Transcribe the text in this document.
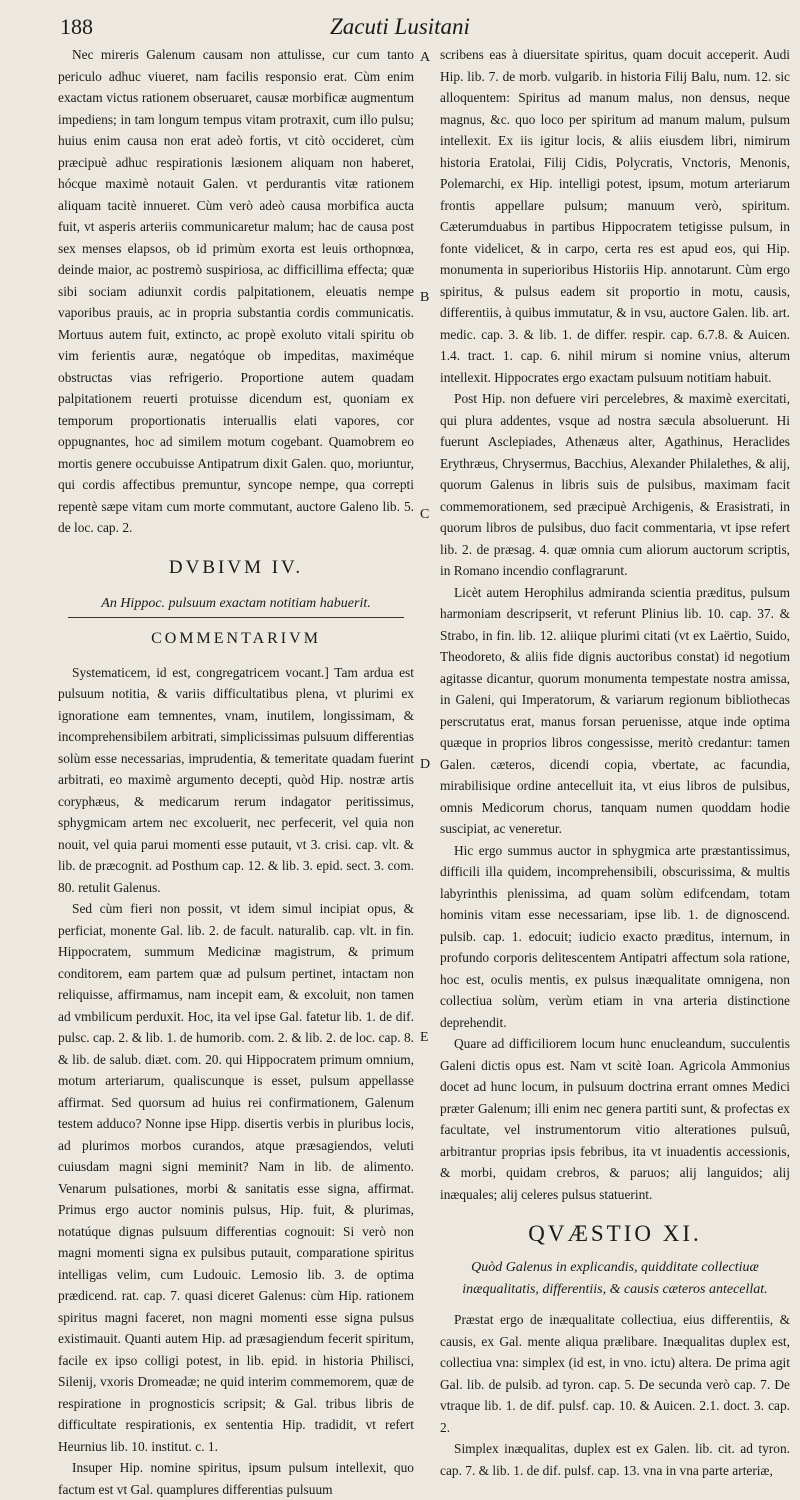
188	Zacuti Lusitani
A
B
C
D
E

Nec mireris Galenum causam non attulisse, cur cum tanto periculo adhuc viueret, nam facilis responsio erat. Cùm enim exactam victus rationem obseruaret, causæ morbificæ augmentum impediens; in tam longum tempus vitam protraxit, cum illo pulsu; huius enim causa non erat adeò fortis, vt citò occideret, cùm præcipuè adhuc respirationis læsionem aliquam non haberet, hócque maximè notauit Galen. vt perdurantis vitæ rationem aliquam tacitè innueret. Cùm verò adeò causa morbifica aucta fuit, vt asperis arteriis communicaretur malum; hac de causa post sex menses elapsos, ob id primùm exorta est leuis orthopnœa, deinde maior, ac postremò suspiriosa, ac difficillima effecta; quæ sibi sociam adiunxit cordis palpitationem, eleuatis nempe vaporibus prauis, ac in propria substantia cordis communicatis. Mortuus autem fuit, extincto, ac propè exoluto vitali spiritu ob vim ferientis auræ, negatóque ob impeditas, maximéque obstructas vias refrigerio. Proportione autem quadam palpitationem reuerti protuisse dicendum est, quoniam ex temporum proportionatis interuallis elati vapores, cor oppugnantes, hoc ad similem motum cogebant. Quamobrem eo mortis genere occubuisse Antipatrum dixit Galen. quo, moriuntur, qui cordis affectibus premuntur, syncope nempe, qua correpti repentè sæpe vitam cum morte commutant, auctore Galeno lib. 5. de loc. cap. 2.

DVBIVM IV.
An Hippoc. pulsuum exactam notitiam habuerit.
COMMENTARIVM

Systematicem, id est, congregatricem vocant.] Tam ardua est pulsuum notitia, & variis difficultatibus plena, vt plurimi ex ignoratione eam temnentes, vnam, inutilem, longissimam, & incomprehensibilem arbitrati, simplicissimas pulsuum differentias solùm esse necessarias, imprudentia, & temeritate quadam fuerint arbitrati, eo maximè argumento decepti, quòd Hip. nostræ artis coryphæus, & medicarum rerum indagator peritissimus, sphygmicam artem nec excoluerit, nec perfecerit, vel quia non nouit, vel quia parui momenti esse putauit, vt 3. crisi. cap. vlt. & lib. de præcognit. ad Posthum cap. 12. & lib. 3. epid. sect. 3. com. 80. retulit Galenus.

Sed cùm fieri non possit, vt idem simul incipiat opus, & perficiat, monente Gal. lib. 2. de facult. naturalib. cap. vlt. in fin. Hippocratem, summum Medicinæ magistrum, & primum conditorem, eam partem quæ ad pulsum pertinet, intactam non reliquisse, affirmamus, nam incepit eam, & excoluit, non tamen ad vmbilicum perduxit. Hoc, ita vel ipse Gal. fatetur lib. 1. de dif. pulsc. cap. 2. & lib. 1. de humorib. com. 2. & lib. 2. de loc. cap. 8. & lib. de salub. diæt. com. 20. qui Hippocratem primum omnium, motum arteriarum, qualiscunque is esset, pulsum appellasse affirmat. Sed quorsum ad huius rei confirmationem, Galenum testem adduco? Nonne ipse Hipp. disertis verbis in pluribus locis, ad plurimos morbos curandos, atque præsagiendos, veluti cuiusdam magni signi meminit? Nam in lib. de alimento. Venarum pulsationes, morbi & sanitatis esse signa, affirmat. Primus ergo auctor nominis pulsus, Hip. fuit, & plurimas, notatúque dignas pulsuum differentias cognouit: Si verò non magni momenti signa ex pulsibus putauit, comparatione spiritus intelligas velim, cum Ludouic. Lemosio lib. 3. de optima prædicend. rat. cap. 7. quasi diceret Galenus: cùm Hip. rationem spiritus magni faceret, non magni momenti esse signa pulsus existimauit. Quanti autem Hip. ad præsagiendum fecerit spiritum, facile ex ipso colligi potest, in lib. epid. in historia Philisci, Silenij, vxoris Dromeadæ; ne quid interim commemorem, quæ de respiratione in prognosticis scripsit; & Gal. tribus libris de difficultate respirationis, ex sententia Hip. tradidit, vt refert Heurnius lib. 10. institut. c. 1.

Insuper Hip. nomine spiritus, ipsum pulsum intellexit, quo factum est vt Gal. quamplures differentias pulsuum

scribens eas à diuersitate spiritus, quam docuit acceperit. Audi Hip. lib. 7. de morb. vulgarib. in historia Filij Balu, num. 12. sic alloquentem: Spiritus ad manum malus, non densus, neque magnus, &c. quo loco per spiritum ad manum malum, pulsum intellexit. Ex iis igitur locis, & aliis eiusdem libri, nimirum historia Eratolai, Filij Cidis, Polycratis, Vnctoris, Menonis, Polemarchi, ex Hip. intelligi potest, ipsum, motum arteriarum frontis appellare pulsum; manuum verò, spiritum. Cæterumduabus in partibus Hippocratem tetigisse pulsum, in fonte videlicet, & in carpo, certa res est apud eos, qui Hip. monumenta in superioribus Historiis Hip. annotarunt. Cùm ergo spiritus, & pulsus eadem sit proportio in motu, causis, differentiis, à quibus immutatur, & in vsu, auctore Galen. lib. art. medic. cap. 3. & lib. 1. de differ. respir. cap. 6.7.8. & Auicen. 1.4. tract. 1. cap. 6. nihil mirum si nomine vnius, alterum intellexit. Hippocrates ergo exactam pulsuum notitiam habuit.

Post Hip. non defuere viri percelebres, & maximè exercitati, qui plura addentes, vsque ad nostra sæcula absoluerunt. Hi fuerunt Asclepiades, Athenæus alter, Agathinus, Heraclides Erythræus, Chrysermus, Bacchius, Alexander Philalethes, & alij, quorum Galenus in libris suis de pulsibus, maximam facit commemorationem, sed præcipuè Archigenis, & Erasistrati, in quorum libros de pulsibus, duo facit commentaria, vt ipse refert lib. 2. de præsag. 4. quæ omnia cum aliorum auctorum scriptis, in Romano incendio conflagrarunt.

Licèt autem Herophilus admiranda scientia præditus, pulsum harmoniam descripserit, vt referunt Plinius lib. 10. cap. 37. & Strabo, in fin. lib. 12. aliique plurimi citati (vt ex Laërtio, Suido, Theodoreto, & aliis fide dignis auctoribus constat) id negotium agitasse dicantur, quorum monumenta tempestate nostra amissa, in Galeni, qui Imperatorum, & variarum regionum bibliothecas perscrutatus erat, manus forsan peruenisse, atque inde optima quæque in proprios libros congessisse, meritò credantur: tamen Galen. cæteros, dicendi copia, vbertate, ac facundia, mirabilisique ordine antecelluit ita, vt eius libros de pulsibus, omnis Medicorum chorus, tanquam numen quoddam hodie suscipiat, ac veneretur.

Hic ergo summus auctor in sphygmica arte præstantissimus, difficili illa quidem, incomprehensibili, obscurissima, & multis labyrinthis plenissima, ad quam solùm edifcendam, totam hominis vitam esse necessariam, ipse lib. 1. de dignoscend. pulsib. cap. 1. edocuit; iudicio exacto præditus, internum, in profundo corporis delitescentem Antipatri affectum sola ratione, hoc est, oculis mentis, ex pulsus inæqualitate omnigena, non collectiua solùm, verùm etiam in vna arteria distinctione deprehendit.

Quare ad difficiliorem locum hunc enucleandum, succulentis Galeni dictis opus est. Nam vt scitè Ioan. Agricola Ammonius docet ad hunc locum, in pulsuum doctrina errant omnes Medici præter Galenum; illi enim nec genera partiti sunt, & profectas ex facultate, vel instrumentorum vitio alterationes pulsuû, arbitrantur proprias ipsis febribus, ita vt inuadentis accessionis, & morbi, quidam crebros, & paruos; alij languidos; alij inæquales; alij celeres pulsus statuerint.

QVÆSTIO XI.
Quòd Galenus in explicandis, quidditate collectiuæ inæqualitatis, differentiis, & causis cæteros antecellat.

Præstat ergo de inæqualitate collectiua, eius differentiis, & causis, ex Gal. mente aliqua prælibare. Inæqualitas duplex est, collectiua vna: simplex (id est, in vno. ictu) altera. De prima agit Gal. lib. de pulsib. ad tyron. cap. 5. De secunda verò cap. 7. De vtraque lib. 1. de dif. pulsf. cap. 10. & Auicen. 2.1. doct. 3. cap. 2.

Simplex inæqualitas, duplex est ex Galen. lib. cit. ad tyron. cap. 7. & lib. 1. de dif. pulsf. cap. 13. vna in vna parte arteriæ,
